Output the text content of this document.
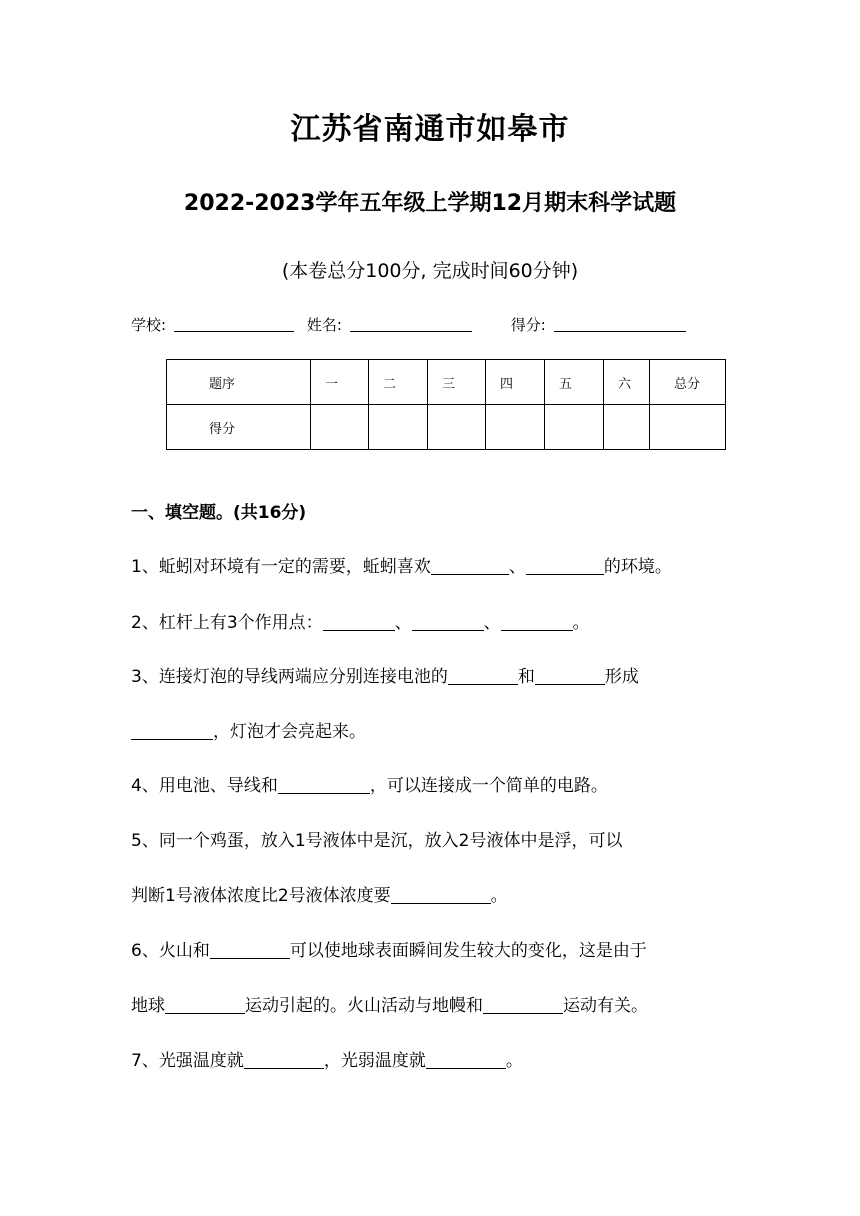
江苏省南通市如皋市
2022-2023学年五年级上学期12月期末科学试题
(本卷总分100分, 完成时间60分钟)
学校:	姓名:	得分:
题序	一	二	三	四	五	六	总分
得分							
一、填空题。(共16分)
1、蚯蚓对环境有一定的需要，蚯蚓喜欢	、	的环境。
2、杠杆上有3个作用点：	、	、	。
3、连接灯泡的导线两端应分别连接电池的	和	形成
，灯泡才会亮起来。
4、用电池、导线和	，可以连接成一个简单的电路。
5、同一个鸡蛋，放入1号液体中是沉，放入2号液体中是浮，可以
判断1号液体浓度比2号液体浓度要	。
6、火山和	可以使地球表面瞬间发生较大的变化，这是由于
地球	运动引起的。火山活动与地幔和	运动有关。
7、光强温度就	，光弱温度就	。
